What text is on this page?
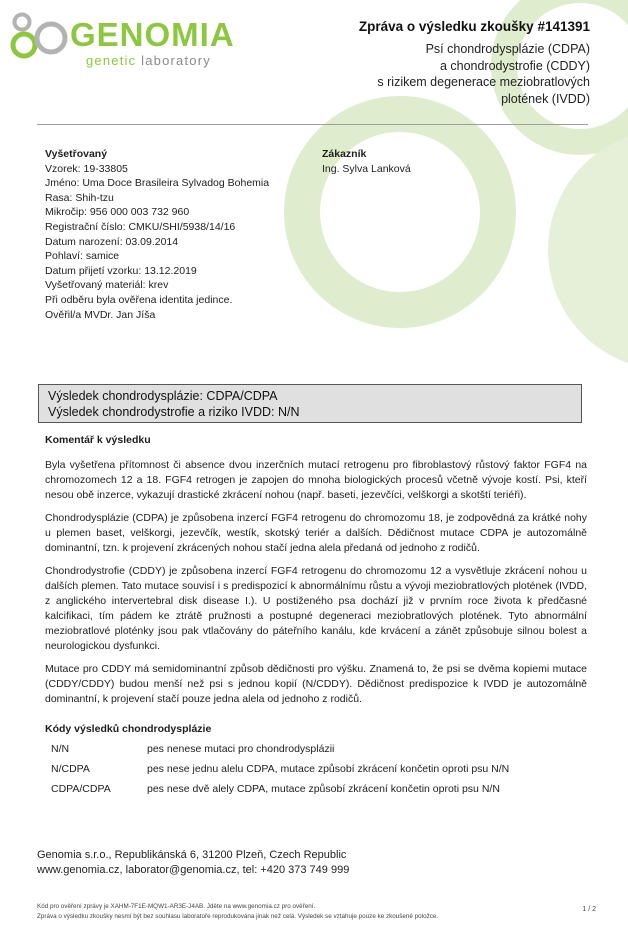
GENOMIA
genetic laboratory
Zpráva o výsledku zkoušky #141391
Psí chondrodysplázie (CDPA)
a chondrodystrofie (CDDY)
s rizikem degenerace meziobratlových
plotének (IVDD)
Vyšetřovaný
Vzorek: 19-33805
Jméno: Uma Doce Brasileira Sylvadog Bohemia
Rasa: Shih-tzu
Mikročip: 956 000 003 732 960
Registrační číslo: CMKU/SHI/5938/14/16
Datum narození: 03.09.2014
Pohlaví: samice
Datum přijetí vzorku: 13.12.2019
Vyšetřovaný materiál: krev
Při odběru byla ověřena identita jedince.
Ověřil/a MVDr. Jan Jíša
Zákazník
Ing. Sylva Lanková
Výsledek chondrodysplázie: CDPA/CDPA
Výsledek chondrodystrofie a riziko IVDD: N/N
Komentář k výsledku

Byla vyšetřena přítomnost či absence dvou inzerčních mutací retrogenu pro fibroblastový růstový faktor FGF4 na chromozomech 12 a 18. FGF4 retrogen je zapojen do mnoha biologických procesů včetně vývoje kostí. Psi, kteří nesou obě inzerce, vykazují drastické zkrácení nohou (např. baseti, jezevčíci, velškorgi a skotští teriéři).

Chondrodysplázie (CDPA) je způsobena inzercí FGF4 retrogenu do chromozomu 18, je zodpovědná za krátké nohy u plemen baset, velškorgi, jezevčík, westík, skotský teriér a dalších. Dědičnost mutace CDPA je autozomálně dominantní, tzn. k projevení zkrácených nohou stačí jedna alela předaná od jednoho z rodičů.

Chondrodystrofie (CDDY) je způsobena inzercí FGF4 retrogenu do chromozomu 12 a vysvětluje zkrácení nohou u dalších plemen. Tato mutace souvisí i s predispozicí k abnormálnímu růstu a vývoji meziobratlových plotének (IVDD, z anglického intervertebral disk disease I.). U postiženého psa dochází již v prvním roce života k předčasné kalcifikaci, tím pádem ke ztrátě pružnosti a postupné degeneraci meziobratlových plotének. Tyto abnormální meziobratlové ploténky jsou pak vtlačovány do páteřního kanálu, kde krvácení a zánět způsobuje silnou bolest a neurologickou dysfunkci.

Mutace pro CDDY má semidominantní způsob dědičnosti pro výšku. Znamená to, že psi se dvěma kopiemi mutace (CDDY/CDDY) budou menší než psi s jednou kopií (N/CDDY). Dědičnost predispozice k IVDD je autozomálně dominantní, k projevení stačí pouze jedna alela od jednoho z rodičů.

Kódy výsledků chondrodysplázie
N/N	pes nenese mutaci pro chondrodysplázii
N/CDPA	pes nese jednu alelu CDPA, mutace způsobí zkrácení končetin oproti psu N/N
CDPA/CDPA	pes nese dvě alely CDPA, mutace způsobí zkrácení končetin oproti psu N/N
Genomia s.r.o., Republikánská 6, 31200 Plzeň, Czech Republic
www.genomia.cz, laborator@genomia.cz, tel: +420 373 749 999
Kód pro ověření zprávy je XAHM-7F1E-MQW1-AR3E-J4AB. Jděte na www.genomia.cz pro ověření.
Zpráva o výsledku zkoušky nesmí být bez souhlasu laboratoře reprodukována jinak než celá. Výsledek se vztahuje pouze ke zkoušené položce.
1 / 2
